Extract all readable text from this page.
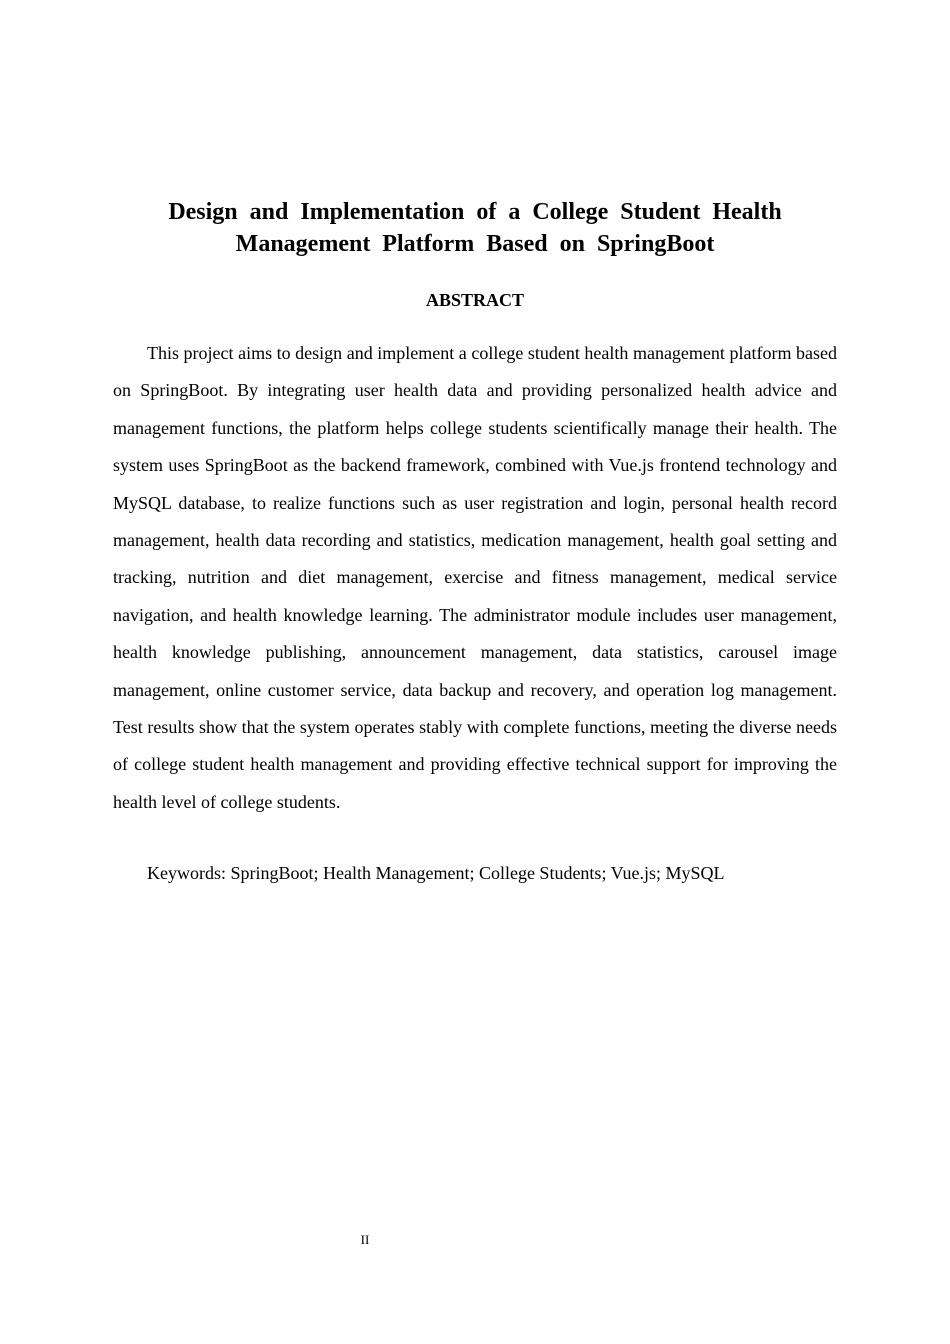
Design and Implementation of a College Student Health
Management Platform Based on SpringBoot
ABSTRACT

This project aims to design and implement a college student health management platform based on SpringBoot. By integrating user health data and providing personalized health advice and management functions, the platform helps college students scientifically manage their health. The system uses SpringBoot as the backend framework, combined with Vue.js frontend technology and MySQL database, to realize functions such as user registration and login, personal health record management, health data recording and statistics, medication management, health goal setting and tracking, nutrition and diet management, exercise and fitness management, medical service navigation, and health knowledge learning. The administrator module includes user management, health knowledge publishing, announcement management, data statistics, carousel image management, online customer service, data backup and recovery, and operation log management. Test results show that the system operates stably with complete functions, meeting the diverse needs of college student health management and providing effective technical support for improving the health level of college students.

Keywords: SpringBoot; Health Management; College Students; Vue.js; MySQL

II
